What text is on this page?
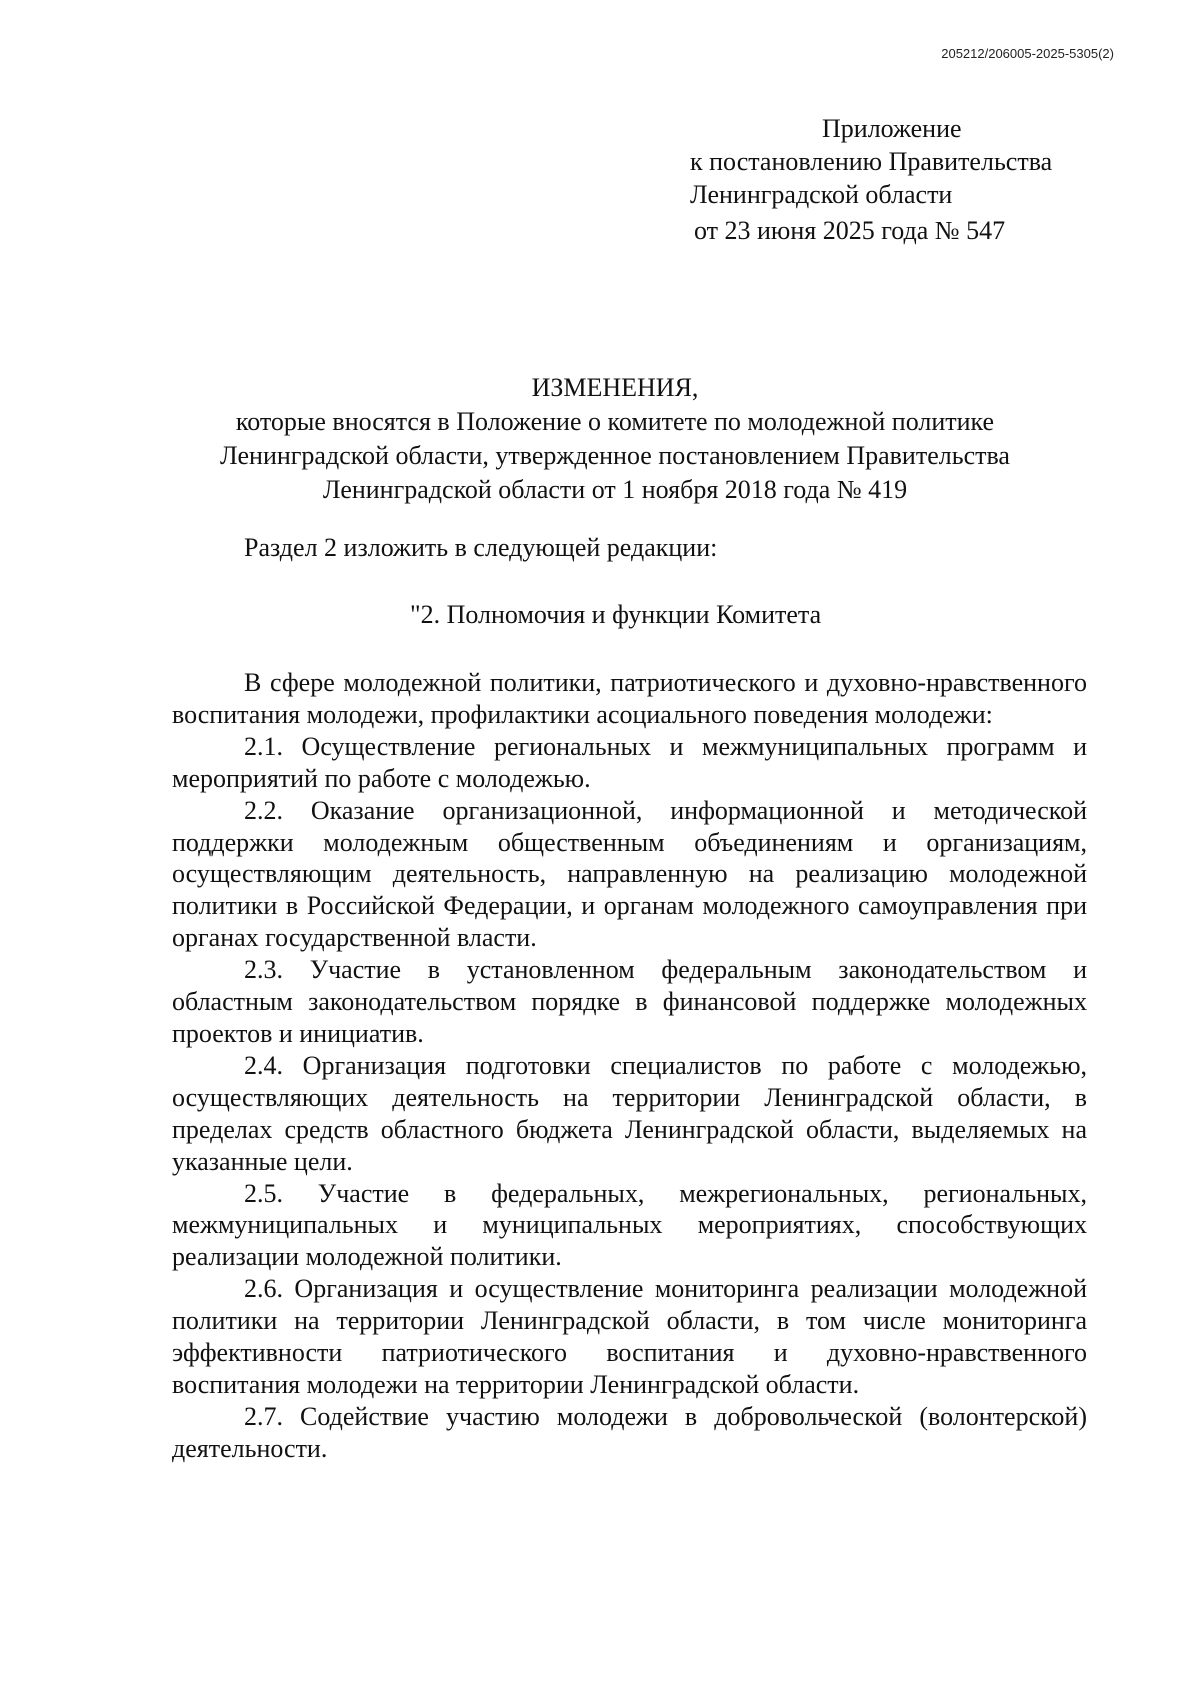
205212/206005-2025-5305(2)
Приложение
к постановлению Правительства
Ленинградской области
от 23 июня 2025 года № 547
ИЗМЕНЕНИЯ,
которые вносятся в Положение о комитете по молодежной политике
Ленинградской области, утвержденное постановлением Правительства
Ленинградской области от 1 ноября 2018 года № 419
Раздел 2 изложить в следующей редакции:
"2. Полномочия и функции Комитета

В сфере молодежной политики, патриотического и духовно-нравственного воспитания молодежи, профилактики асоциального поведения молодежи:

2.1. Осуществление региональных и межмуниципальных программ и мероприятий по работе с молодежью.

2.2. Оказание организационной, информационной и методической поддержки молодежным общественным объединениям и организациям, осуществляющим деятельность, направленную на реализацию молодежной политики в Российской Федерации, и органам молодежного самоуправления при органах государственной власти.

2.3. Участие в установленном федеральным законодательством и областным законодательством порядке в финансовой поддержке молодежных проектов и инициатив.

2.4. Организация подготовки специалистов по работе с молодежью, осуществляющих деятельность на территории Ленинградской области, в пределах средств областного бюджета Ленинградской области, выделяемых на указанные цели.

2.5. Участие в федеральных, межрегиональных, региональных, межмуниципальных и муниципальных мероприятиях, способствующих реализации молодежной политики.

2.6. Организация и осуществление мониторинга реализации молодежной политики на территории Ленинградской области, в том числе мониторинга эффективности патриотического воспитания и духовно-нравственного воспитания молодежи на территории Ленинградской области.

2.7. Содействие участию молодежи в добровольческой (волонтерской) деятельности.
